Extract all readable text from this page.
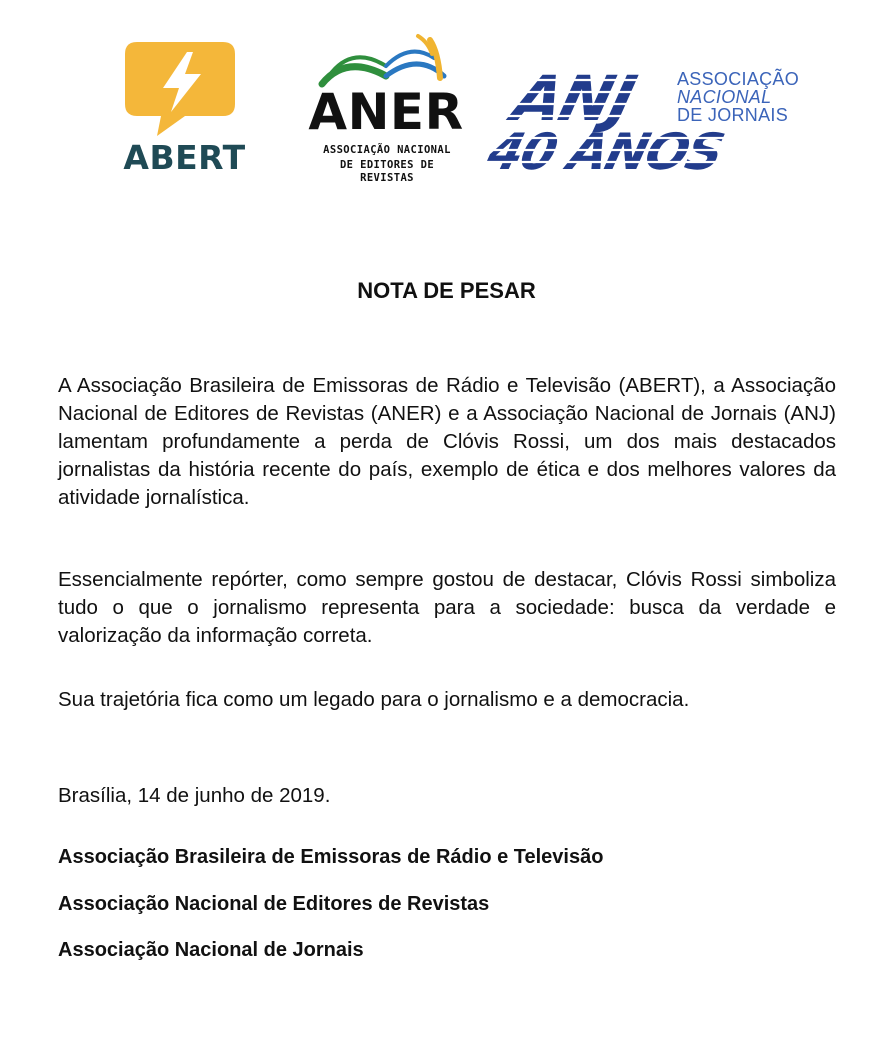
ABERT
ANER
ASSOCIAÇÃO NACIONAL
DE EDITORES DE REVISTAS
ANJ
40 ANOS
ASSOCIAÇÃO
NACIONAL
DE JORNAIS
NOTA DE PESAR

A Associação Brasileira de Emissoras de Rádio e Televisão (ABERT), a Associação Nacional de Editores de Revistas (ANER) e a Associação Nacional de Jornais (ANJ) lamentam profundamente a perda de Clóvis Rossi, um dos mais destacados jornalistas da história recente do país, exemplo de ética e dos melhores valores da atividade jornalística.

Essencialmente repórter, como sempre gostou de destacar, Clóvis Rossi simboliza tudo o que o jornalismo representa para a sociedade: busca da verdade e valorização da informação correta.

Sua trajetória fica como um legado para o jornalismo e a democracia.

Brasília, 14 de junho de 2019.
Associação Brasileira de Emissoras de Rádio e Televisão
Associação Nacional de Editores de Revistas
Associação Nacional de Jornais
